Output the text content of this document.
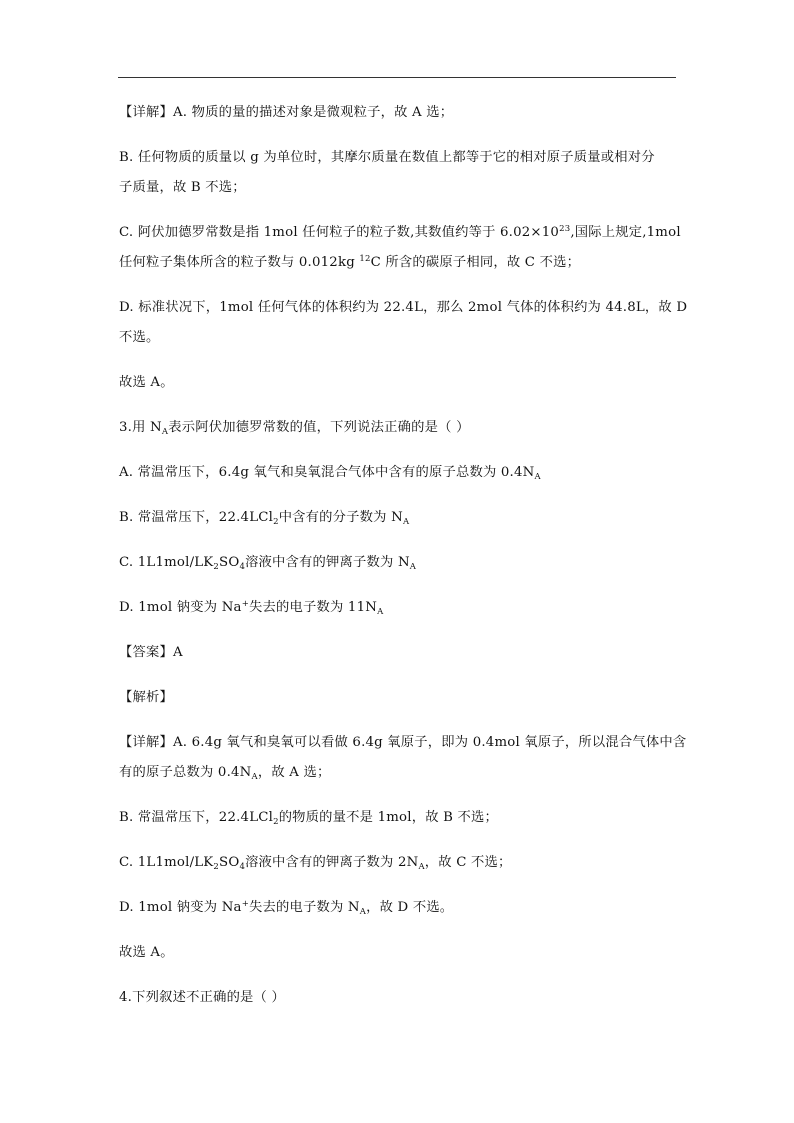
【详解】A. 物质的量的描述对象是微观粒子，故 A 选；
B. 任何物质的质量以 g 为单位时，其摩尔质量在数值上都等于它的相对原子质量或相对分
子质量，故 B 不选；
C. 阿伏加德罗常数是指 1mol 任何粒子的粒子数,其数值约等于 $6.02\times 10^{23}$,国际上规定,1mol
任何粒子集体所含的粒子数与 0.012kg $^{12}$C 所含的碳原子相同，故 C 不选；
D. 标准状况下，1mol 任何气体的体积约为 22.4L，那么 2mol 气体的体积约为 44.8L，故 D
不选。
故选 A。
3.用 $N_A$表示阿伏加德罗常数的值，下列说法正确的是（ ）
A. 常温常压下，6.4g 氧气和臭氧混合气体中含有的原子总数为 $0.4N_A$
B. 常温常压下，22.4LCl$_2$中含有的分子数为 $N_A$
C. $1L1mol/LK_2SO_4$溶液中含有的钾离子数为 $N_A$
D. 1mol 钠变为 Na+失去的电子数为 $11N_A$
【答案】A
【解析】
【详解】A. 6.4g 氧气和臭氧可以看做 6.4g 氧原子，即为 0.4mol 氧原子，所以混合气体中含
有的原子总数为 $0.4N_A$，故 A 选；
B. 常温常压下，22.4LCl$_2$的物质的量不是 1mol，故 B 不选；
C. $1L1mol/LK_2SO_4$溶液中含有的钾离子数为 $2N_A$，故 C 不选；
D. 1mol 钠变为 Na+失去的电子数为 $N_A$，故 D 不选。
故选 A。
4.下列叙述不正确的是（ ）
